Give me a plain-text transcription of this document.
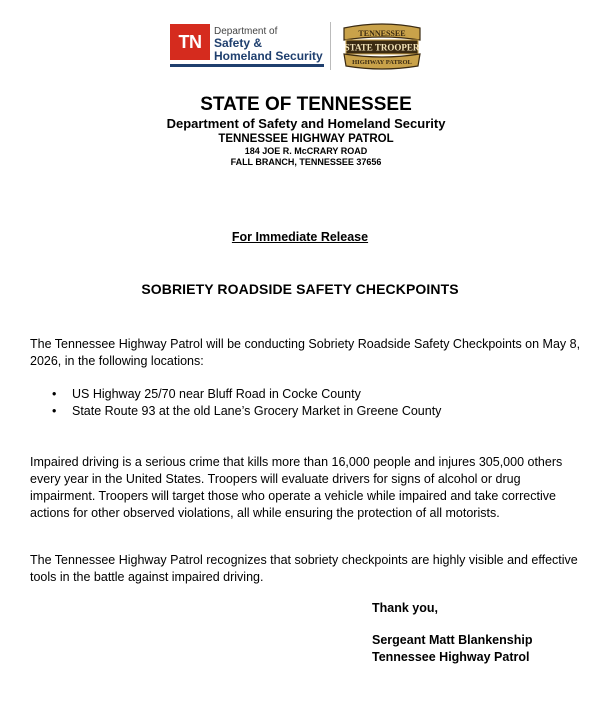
TN
Department of
Safety &
Homeland Security
TENNESSEE
STATE TROOPER
HIGHWAY PATROL
STATE OF TENNESSEE
Department of Safety and Homeland Security
TENNESSEE HIGHWAY PATROL
184 JOE R. McCRARY ROAD
FALL BRANCH, TENNESSEE 37656
For Immediate Release
SOBRIETY ROADSIDE SAFETY CHECKPOINTS
The Tennessee Highway Patrol will be conducting Sobriety Roadside Safety Checkpoints on May 8, 2026, in the following locations:
• US Highway 25/70 near Bluff Road in Cocke County
• State Route 93 at the old Lane’s Grocery Market in Greene County
Impaired driving is a serious crime that kills more than 16,000 people and injures 305,000 others every year in the United States. Troopers will evaluate drivers for signs of alcohol or drug impairment. Troopers will target those who operate a vehicle while impaired and take corrective actions for other observed violations, all while ensuring the protection of all motorists.
The Tennessee Highway Patrol recognizes that sobriety checkpoints are highly visible and effective tools in the battle against impaired driving.
Thank you,
Sergeant Matt Blankenship
Tennessee Highway Patrol
